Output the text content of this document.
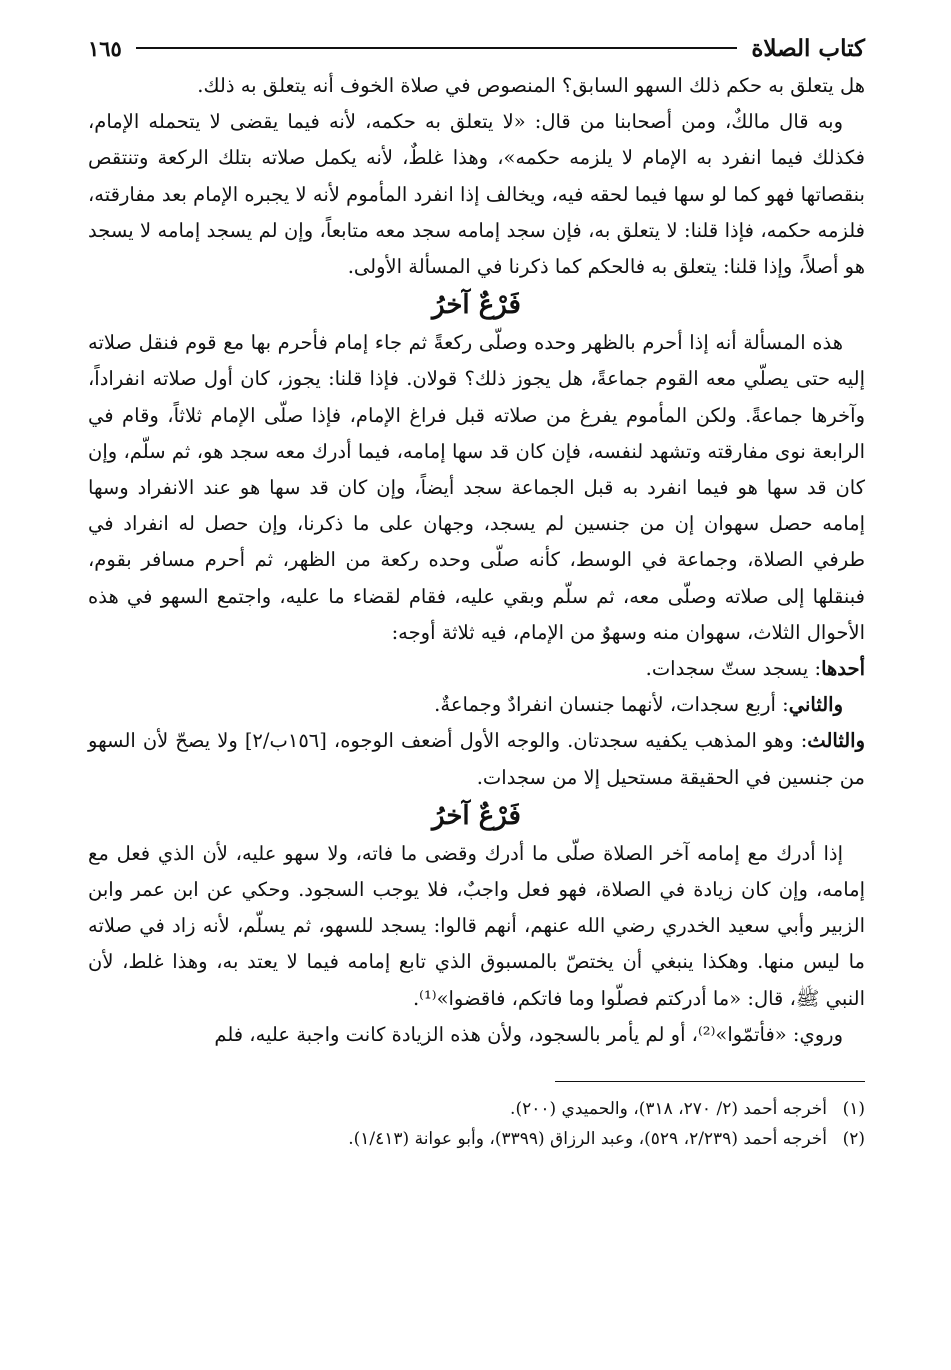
كتاب الصلاة
١٦٥

هل يتعلق به حكم ذلك السهو السابق؟ المنصوص في صلاة الخوف أنه يتعلق به ذلك.

وبه قال مالكٌ، ومن أصحابنا من قال: «لا يتعلق به حكمه، لأنه فيما يقضى لا يتحمله الإمام، فكذلك فيما انفرد به الإمام لا يلزمه حكمه»، وهذا غلطٌ، لأنه يكمل صلاته بتلك الركعة وتنتقص بنقصاتها فهو كما لو سها فيما لحقه فيه، ويخالف إذا انفرد المأموم لأنه لا يجبره الإمام بعد مفارقته، فلزمه حكمه، فإذا قلنا: لا يتعلق به، فإن سجد إمامه سجد معه متابعاً، وإن لم يسجد إمامه لا يسجد هو أصلاً، وإذا قلنا: يتعلق به فالحكم كما ذكرنا في المسألة الأولى.

فَرْعٌ آخرُ

هذه المسألة أنه إذا أحرم بالظهر وحده وصلّى ركعةً ثم جاء إمام فأحرم بها مع قوم فنقل صلاته إليه حتى يصلّي معه القوم جماعةً، هل يجوز ذلك؟ قولان. فإذا قلنا: يجوز، كان أول صلاته انفراداً، وآخرها جماعةً. ولكن المأموم يفرغ من صلاته قبل فراغ الإمام، فإذا صلّى الإمام ثلاثاً، وقام في الرابعة نوى مفارقته وتشهد لنفسه، فإن كان قد سها إمامه، فيما أدرك معه سجد هو، ثم سلّم، وإن كان قد سها هو فيما انفرد به قبل الجماعة سجد أيضاً، وإن كان قد سها هو عند الانفراد وسها إمامه حصل سهوان إن من جنسين لم يسجد، وجهان على ما ذكرنا، وإن حصل له انفراد في طرفي الصلاة، وجماعة في الوسط، كأنه صلّى وحده ركعة من الظهر، ثم أحرم مسافر بقوم، فبنقلها إلى صلاته وصلّى معه، ثم سلّم وبقي عليه، فقام لقضاء ما عليه، واجتمع السهو في هذه الأحوال الثلاث، سهوان منه وسهوٌ من الإمام، فيه ثلاثة أوجه:

أحدها: يسجد ستّ سجدات.

والثاني: أربع سجدات، لأنهما جنسان انفرادٌ وجماعةٌ.

والثالث: وهو المذهب يكفيه سجدتان. والوجه الأول أضعف الوجوه، [١٥٦ب/٢] ولا يصحّ لأن السهو من جنسين في الحقيقة مستحيل إلا من سجدات.

فَرْعٌ آخرُ

إذا أدرك مع إمامه آخر الصلاة صلّى ما أدرك وقضى ما فاته، ولا سهو عليه، لأن الذي فعل مع إمامه، وإن كان زيادة في الصلاة، فهو فعل واجبٌ، فلا يوجب السجود. وحكي عن ابن عمر وابن الزبير وأبي سعيد الخدري رضي الله عنهم، أنهم قالوا: يسجد للسهو، ثم يسلّم، لأنه زاد في صلاته ما ليس منها. وهكذا ينبغي أن يختصّ بالمسبوق الذي تابع إمامه فيما لا يعتد به، وهذا غلط، لأن النبي ﷺ، قال: «ما أدركتم فصلّوا وما فاتكم، فاقضوا»⁽¹⁾.

وروي: «فأتمّوا»⁽²⁾، أو لم يأمر بالسجود، ولأن هذه الزيادة كانت واجبة عليه، فلم

(١)أخرجه أحمد (٢/ ٢٧٠، ٣١٨)، والحميدي (٢٠٠).

(٢)أخرجه أحمد (٢/٢٣٩، ٥٢٩)، وعبد الرزاق (٣٣٩٩)، وأبو عوانة (١/٤١٣).
